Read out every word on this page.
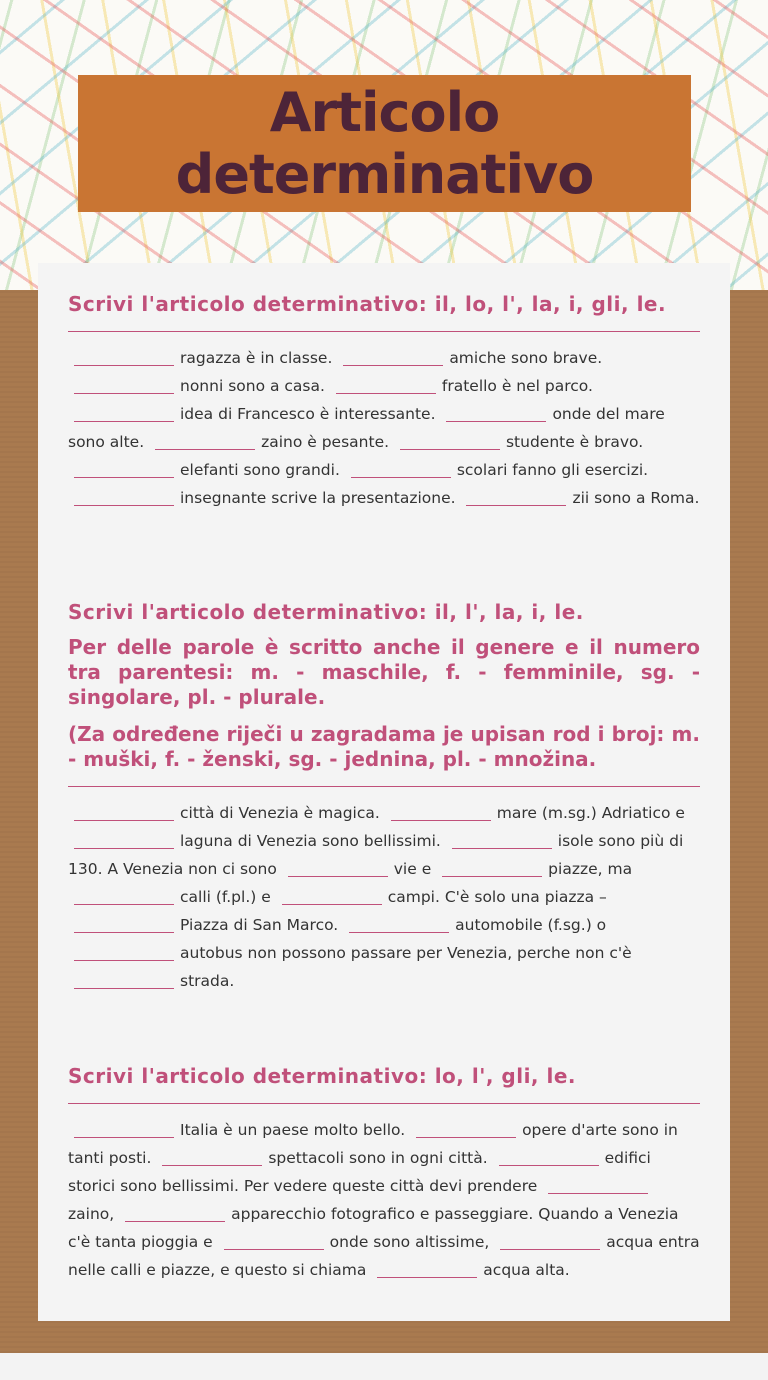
Articolo determinativo
Scrivi l'articolo determinativo: il, lo, l', la, i, gli, le.
ragazza è in classe.	amiche sono brave.
nonni sono a casa.	fratello è nel parco.
idea di Francesco è interessante.	onde del mare sono alte.	zaino è pesante.	studente è bravo.
elefanti sono grandi.	scolari fanno gli esercizi.
insegnante scrive la presentazione.	zii sono a Roma.
Scrivi l'articolo determinativo: il, l', la, i, le.
Per delle parole è scritto anche il genere e il numero tra parentesi: m. - maschile, f. - femminile, sg. - singolare, pl. - plurale.
(Za određene riječi u zagradama je upisan rod i broj: m. - muški, f. - ženski, sg. - jednina, pl. - množina.
città di Venezia è magica.	mare (m.sg.) Adriatico e laguna di Venezia sono bellissimi.	isole sono più di 130. A Venezia non ci sono	vie e	piazze, ma
calli (f.pl.) e	campi. C'è solo una piazza –
Piazza di San Marco.	automobile (f.sg.) o
autobus non possono passare per Venezia, perche non c'è
strada.
Scrivi l'articolo determinativo: lo, l', gli, le.
Italia è un paese molto bello.	opere d'arte sono in tanti posti.	spettacoli sono in ogni città.	edifici storici sono bellissimi. Per vedere queste città devi prendere zaino,	apparecchio fotografico e passeggiare. Quando a Venezia c'è tanta pioggia e	onde sono altissime,	acqua entra nelle calli e piazze, e questo si chiama	acqua alta.
